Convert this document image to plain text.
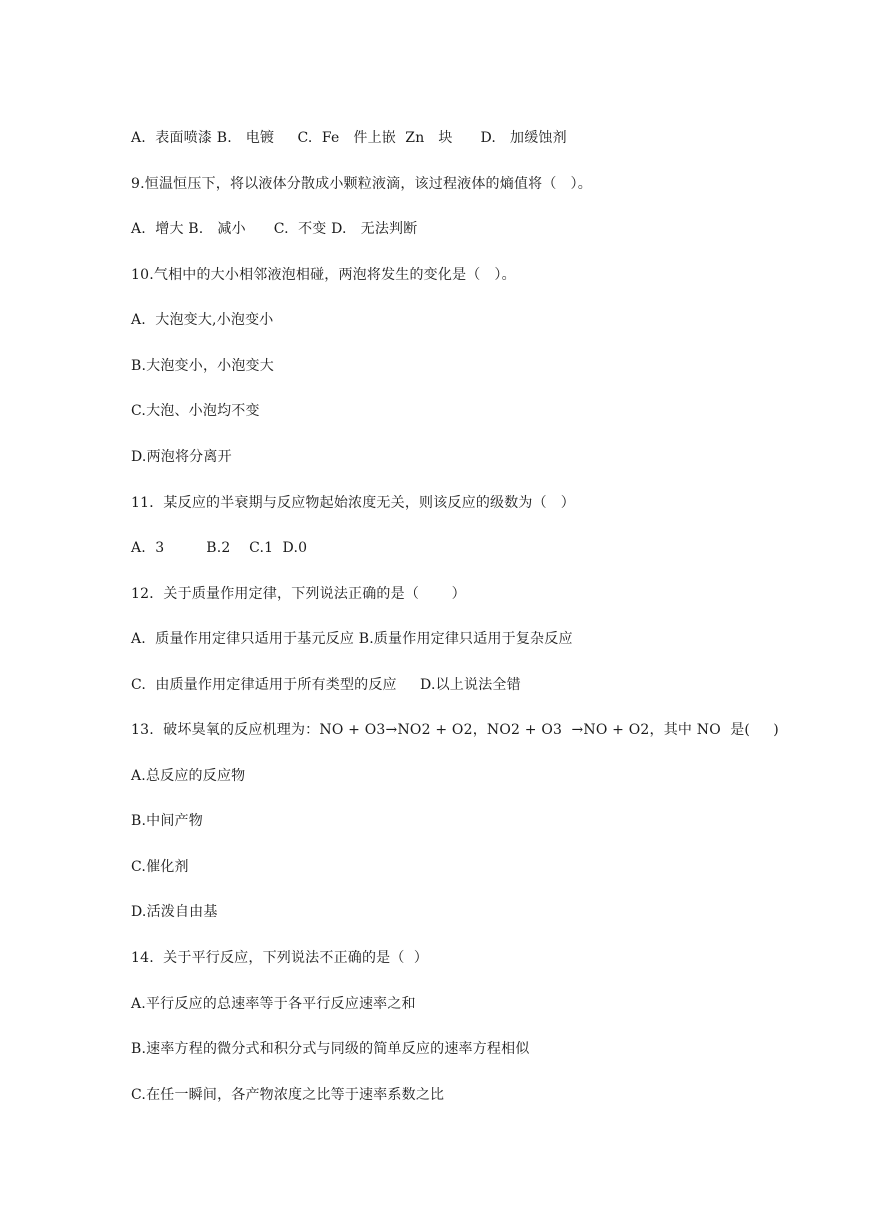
A.  表面喷漆 B.   电镀     C.  Fe   件上嵌  Zn   块      D.   加缓蚀剂
9.恒温恒压下，将以液体分散成小颗粒液滴，该过程液体的熵值将（   ）。
A.  增大 B.   减小      C.  不变 D.   无法判断
10.气相中的大小相邻液泡相碰，两泡将发生的变化是（   ）。
A.  大泡变大,小泡变小
B.大泡变小，小泡变大
C.大泡、小泡均不变
D.两泡将分离开
11．某反应的半衰期与反应物起始浓度无关，则该反应的级数为（   ）
A.  3         B.2    C.1  D.0
12．关于质量作用定律，下列说法正确的是（       ）
A.  质量作用定律只适用于基元反应 B.质量作用定律只适用于复杂反应
C.  由质量作用定律适用于所有类型的反应     D.以上说法全错
13.  破坏臭氧的反应机理为：NO + O3→NO2 + O2，NO2 + O3  →NO + O2，其中 NO  是(     )
A.总反应的反应物
B.中间产物
C.催化剂
D.活泼自由基
14.  关于平行反应，下列说法不正确的是（  ）
A.平行反应的总速率等于各平行反应速率之和
B.速率方程的微分式和积分式与同级的简单反应的速率方程相似
C.在任一瞬间，各产物浓度之比等于速率系数之比
